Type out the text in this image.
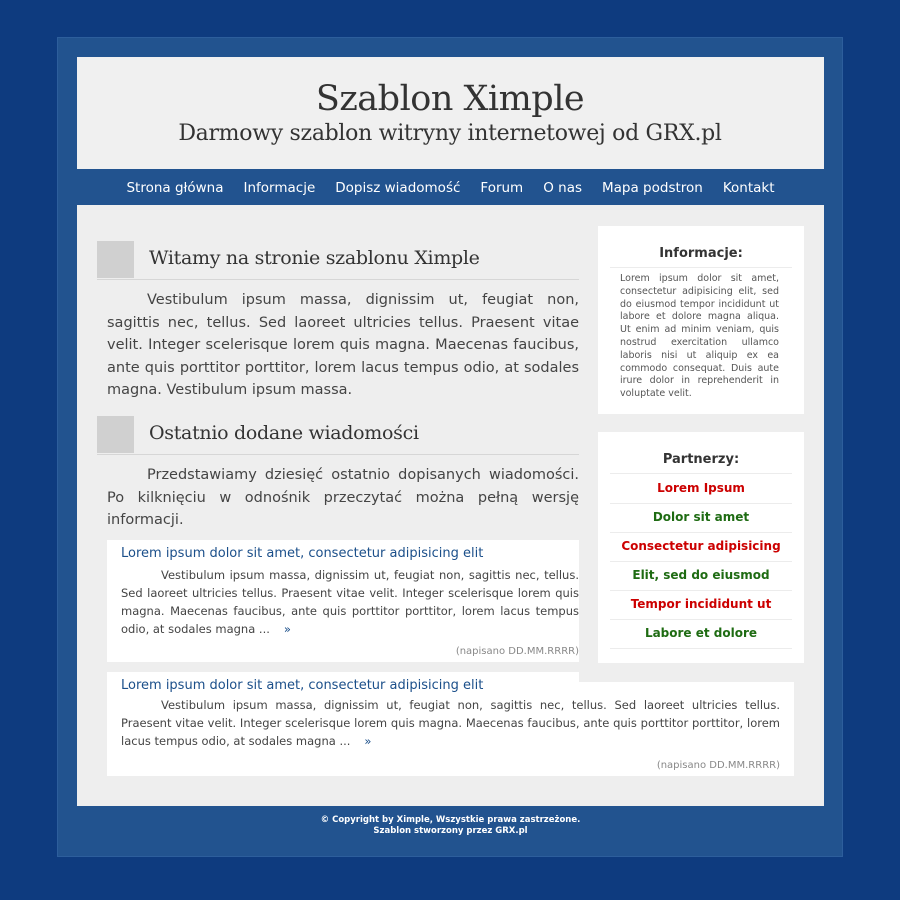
Szablon Ximple
Darmowy szablon witryny internetowej od GRX.pl
Strona główna	Informacje	Dopisz wiadomość	Forum	O nas	Mapa podstron	Kontakt
Witamy na stronie szablonu Ximple

Vestibulum ipsum massa, dignissim ut, feugiat non, sagittis nec, tellus. Sed laoreet ultricies tellus. Praesent vitae velit. Integer scelerisque lorem quis magna. Maecenas faucibus, ante quis porttitor porttitor, lorem lacus tempus odio, at sodales magna. Vestibulum ipsum massa.

Ostatnio dodane wiadomości

Przedstawiamy dziesięć ostatnio dopisanych wiadomości. Po kilknięciu w odnośnik przeczytać można pełną wersję informacji.

Lorem ipsum dolor sit amet, consectetur adipisicing elit

Vestibulum ipsum massa, dignissim ut, feugiat non, sagittis nec, tellus. Sed laoreet ultricies tellus. Praesent vitae velit. Integer scelerisque lorem quis magna. Maecenas faucibus, ante quis porttitor porttitor, lorem lacus tempus odio, at sodales magna ... »

(napisano DD.MM.RRRR)
Lorem ipsum dolor sit amet, consectetur adipisicing elit

Vestibulum ipsum massa, dignissim ut, feugiat non, sagittis nec, tellus. Sed laoreet ultricies tellus. Praesent vitae velit. Integer scelerisque lorem quis magna. Maecenas faucibus, ante quis porttitor porttitor, lorem lacus tempus odio, at sodales magna ... »

(napisano DD.MM.RRRR)
Informacje:

Lorem ipsum dolor sit amet, consectetur adipisicing elit, sed do eiusmod tempor incididunt ut labore et dolore magna aliqua. Ut enim ad minim veniam, quis nostrud exercitation ullamco laboris nisi ut aliquip ex ea commodo consequat. Duis aute irure dolor in reprehenderit in voluptate velit.

Partnerzy:
Lorem Ipsum
Dolor sit amet
Consectetur adipisicing
Elit, sed do eiusmod
Tempor incididunt ut
Labore et dolore
© Copyright by Ximple, Wszystkie prawa zastrzeżone.
Szablon stworzony przez GRX.pl
